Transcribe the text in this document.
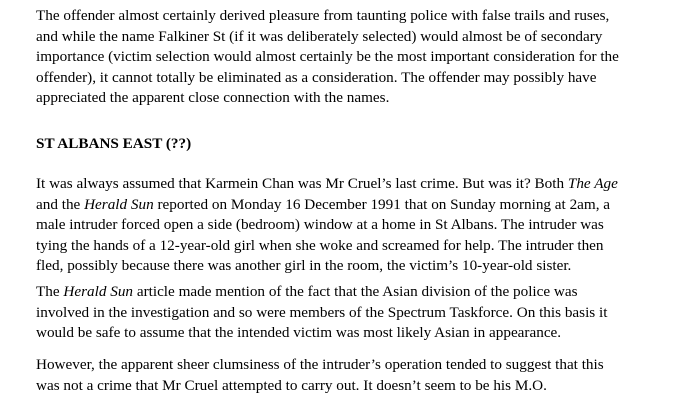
The offender almost certainly derived pleasure from taunting police with false trails and ruses,
and while the name Falkiner St (if it was deliberately selected) would almost be of secondary
importance (victim selection would almost certainly be the most important consideration for the
offender), it cannot totally be eliminated as a consideration. The offender may possibly have
appreciated the apparent close connection with the names.

ST ALBANS EAST (??)

It was always assumed that Karmein Chan was Mr Cruel’s last crime. But was it? Both The Age
and the Herald Sun reported on Monday 16 December 1991 that on Sunday morning at 2am, a
male intruder forced open a side (bedroom) window at a home in St Albans. The intruder was
tying the hands of a 12-year-old girl when she woke and screamed for help. The intruder then
fled, possibly because there was another girl in the room, the victim’s 10-year-old sister.

The Herald Sun article made mention of the fact that the Asian division of the police was
involved in the investigation and so were members of the Spectrum Taskforce. On this basis it
would be safe to assume that the intended victim was most likely Asian in appearance.

However, the apparent sheer clumsiness of the intruder’s operation tended to suggest that this
was not a crime that Mr Cruel attempted to carry out. It doesn’t seem to be his M.O.
